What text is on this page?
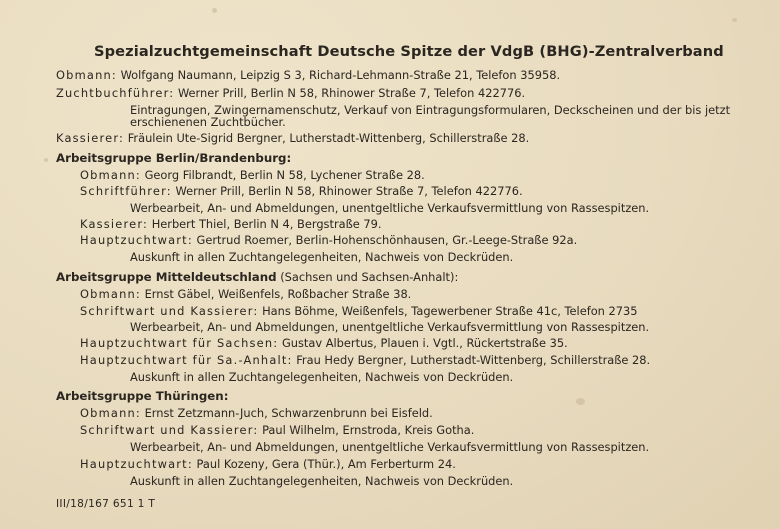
Spezialzuchtgemeinschaft Deutsche Spitze der VdgB (BHG)-Zentralverband
Obmann: Wolfgang Naumann, Leipzig S 3, Richard-Lehmann-Straße 21, Telefon 35958.
Zuchtbuchführer: Werner Prill, Berlin N 58, Rhinower Straße 7, Telefon 422776.
Eintragungen, Zwingernamenschutz, Verkauf von Eintragungsformularen, Deckscheinen und der bis jetzt
erschienenen Zuchtbücher.
Kassierer: Fräulein Ute-Sigrid Bergner, Lutherstadt-Wittenberg, Schillerstraße 28.
Arbeitsgruppe Berlin/Brandenburg:
Obmann: Georg Filbrandt, Berlin N 58, Lychener Straße 28.
Schriftführer: Werner Prill, Berlin N 58, Rhinower Straße 7, Telefon 422776.
Werbearbeit, An- und Abmeldungen, unentgeltliche Verkaufsvermittlung von Rassespitzen.
Kassierer: Herbert Thiel, Berlin N 4, Bergstraße 79.
Hauptzuchtwart: Gertrud Roemer, Berlin-Hohenschönhausen, Gr.-Leege-Straße 92a.
Auskunft in allen Zuchtangelegenheiten, Nachweis von Deckrüden.
Arbeitsgruppe Mitteldeutschland (Sachsen und Sachsen-Anhalt):
Obmann: Ernst Gäbel, Weißenfels, Roßbacher Straße 38.
Schriftwart und Kassierer: Hans Böhme, Weißenfels, Tagewerbener Straße 41c, Telefon 2735
Werbearbeit, An- und Abmeldungen, unentgeltliche Verkaufsvermittlung von Rassespitzen.
Hauptzuchtwart für Sachsen: Gustav Albertus, Plauen i. Vgtl., Rückertstraße 35.
Hauptzuchtwart für Sa.-Anhalt: Frau Hedy Bergner, Lutherstadt-Wittenberg, Schillerstraße 28.
Auskunft in allen Zuchtangelegenheiten, Nachweis von Deckrüden.
Arbeitsgruppe Thüringen:
Obmann: Ernst Zetzmann-Juch, Schwarzenbrunn bei Eisfeld.
Schriftwart und Kassierer: Paul Wilhelm, Ernstroda, Kreis Gotha.
Werbearbeit, An- und Abmeldungen, unentgeltliche Verkaufsvermittlung von Rassespitzen.
Hauptzuchtwart: Paul Kozeny, Gera (Thür.), Am Ferberturm 24.
Auskunft in allen Zuchtangelegenheiten, Nachweis von Deckrüden.
III/18/167 651 1 T
